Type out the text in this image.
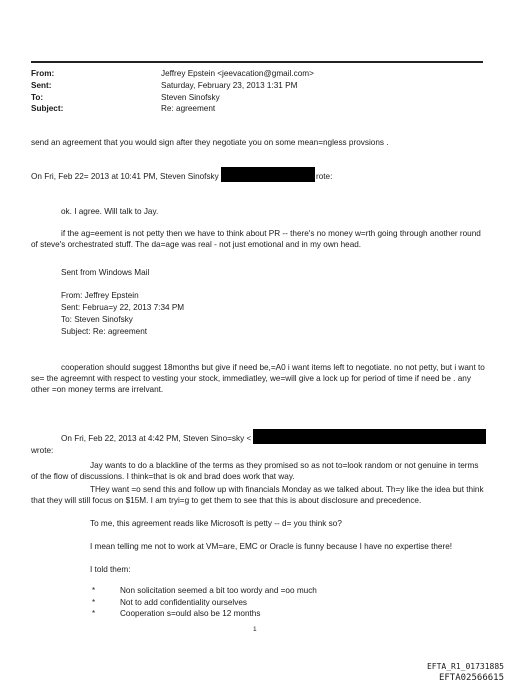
From:	Jeffrey Epstein <jeevacation@gmail.com>
Sent:	Saturday, February 23, 2013 1:31 PM
To:	Steven Sinofsky
Subject:	Re: agreement
send an agreement that you would sign after they negotiate you on some mean=ngless provsions .
On Fri, Feb 22= 2013 at 10:41 PM, Steven Sinofsky	rote:
ok. I agree. Will talk to Jay.
if the ag=eement is not petty then we have to think about PR -- there's no money w=rth going through another round of steve's orchestrated stuff. The da=age was real - not just emotional and in my own head.
Sent from Windows Mail
From: Jeffrey Epstein
Sent: Februa=y 22, 2013 7:34 PM
To: Steven Sinofsky
Subject: Re: agreement
cooperation should suggest 18months but give if need be,=A0 i want items left to negotiate. no not petty, but i want to se= the agreemnt with respect to vesting your stock, immediatley, we=will give a lock up for period of time if need be . any other =on money terms are irrelvant.
On Fri, Feb 22, 2013 at 4:42 PM, Steven Sino=sky <
wrote:
Jay wants to do a blackline of the terms as they promised so as not to=look random or not genuine in terms of the flow of discussions. I think=that is ok and brad does work that way.
THey want =o send this and follow up with financials Monday as we talked about. Th=y like the idea but think that they will still focus on $15M. I am tryi=g to get them to see that this is about disclosure and precedence.
To me, this agreement reads like Microsoft is petty -- d= you think so?
I mean telling me not to work at VM=are, EMC or Oracle is funny because I have no expertise there!
I told them:
*	Non solicitation seemed a bit too wordy and =oo much
*	Not to add confidentiality ourselves
*	Cooperation s=ould also be 12 months
1
EFTA_R1_01731885
EFTA02566615
